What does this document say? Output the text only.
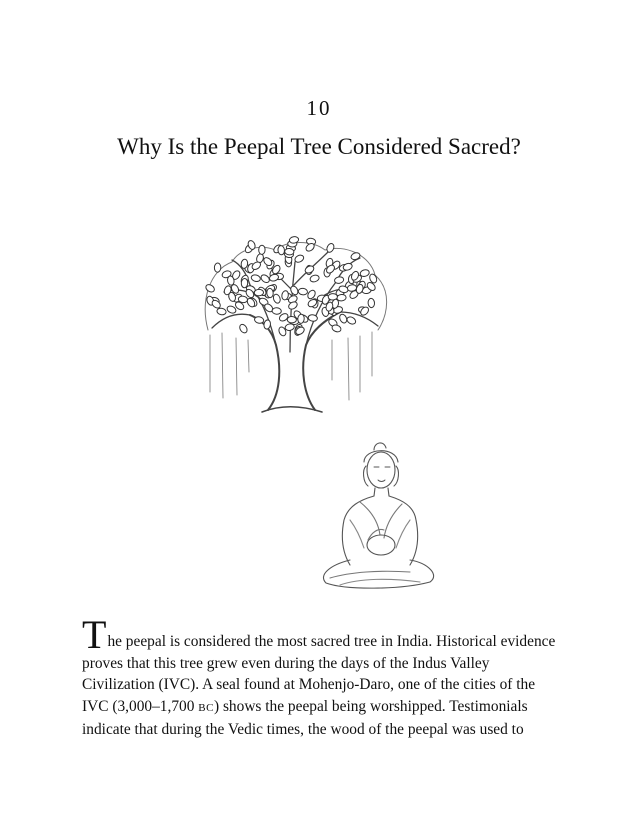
10
Why Is the Peepal Tree Considered Sacred?
The peepal is considered the most sacred tree in India. Historical evidence
proves that this tree grew even during the days of the Indus Valley
Civilization (IVC). A seal found at Mohenjo-Daro, one of the cities of the
IVC (3,000–1,700 BC) shows the peepal being worshipped. Testimonials
indicate that during the Vedic times, the wood of the peepal was used to
